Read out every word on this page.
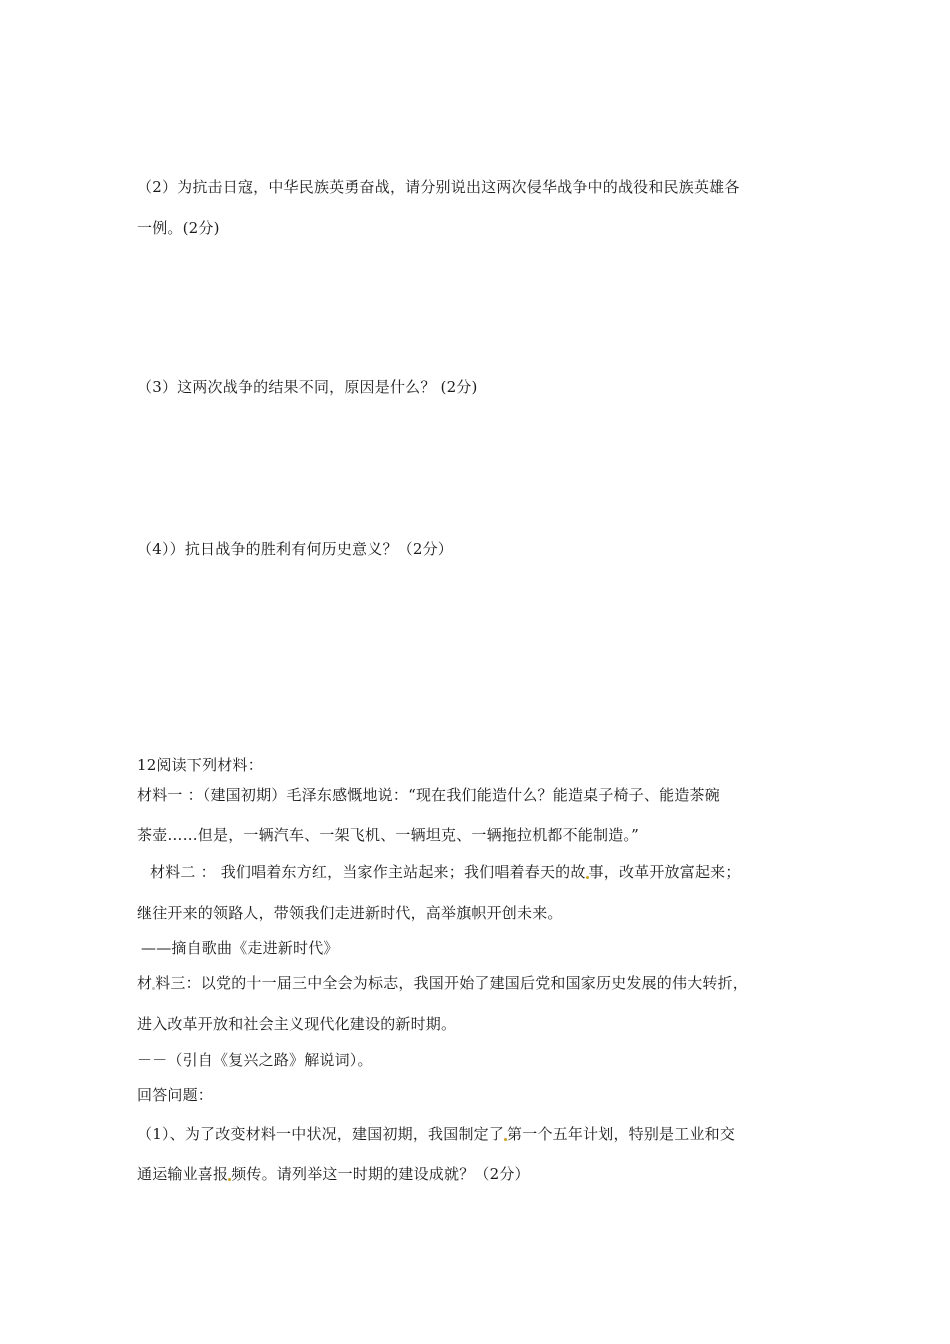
（2）为抗击日寇，中华民族英勇奋战，请分别说出这两次侵华战争中的战役和民族英雄各
一例。(2分)
（3）这两次战争的结果不同，原因是什么？ (2分)
（4））抗日战争的胜利有何历史意义？（2分）
12阅读下列材料：
材料一 ：（建国初期）毛泽东感慨地说：“现在我们能造什么？能造桌子椅子、能造茶碗
茶壶……但是，一辆汽车、一架飞机、一辆坦克、一辆拖拉机都不能制造。”
材料二 ： 我们唱着东方红，当家作主站起来；我们唱着春天的故 事，改革开放富起来；
继往开来的领路人，带领我们走进新时代，高举旗帜开创未来。
——摘自歌曲《走进新时代》
材 料三：以党的十一届三中全会为标志，我国开始了建国后党和国家历史发展的伟大转折，
进入改革开放和社会主义现代化建设的新时期。
－－（引自《复兴之路》解说词）。
回答问题：
（1）、为了改变材料一中状况，建国初期，我国制定了 第一个五年计划，特别是工业和交
通运输业喜报 频传。请列举这一时期的建设成就？（2分）
